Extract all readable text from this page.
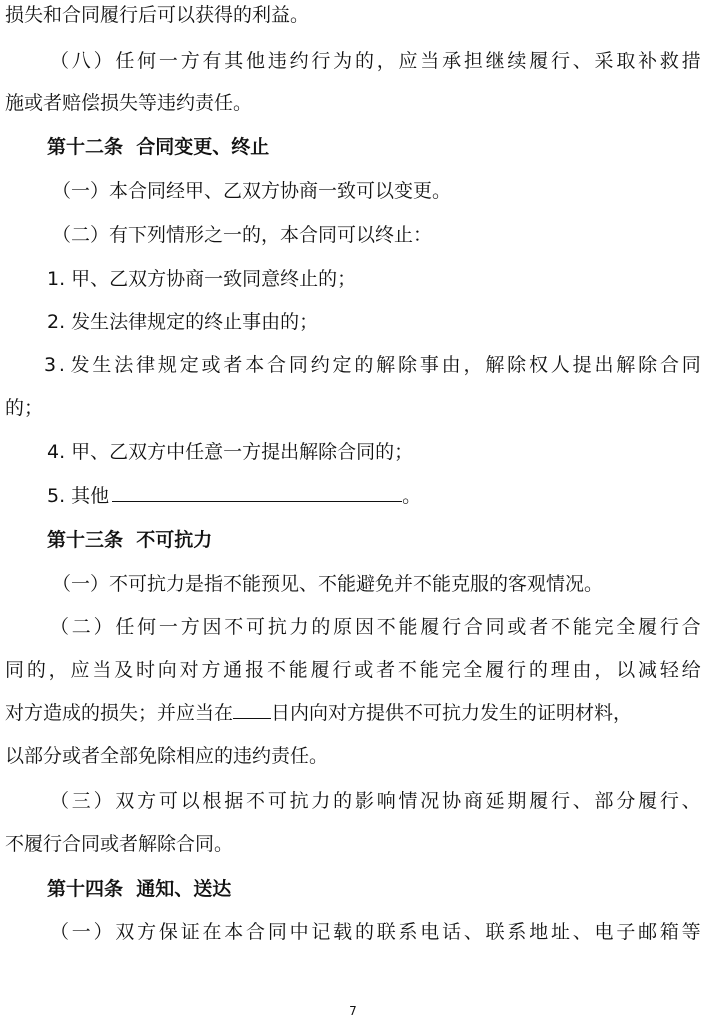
损失和合同履行后可以获得的利益。
（ 八 ） 任 何 一 方 有 其 他 违 约 行 为 的 ， 应 当 承 担 继 续 履 行 、 采 取 补 救 措
施或者赔偿损失等违约责任。
第十二条  合同变更、终止
（一）本合同经甲、乙双方协商一致可以变更。
（二）有下列情形之一的，本合同可以终止：
1. 甲、乙双方协商一致同意终止的；
2. 发生法律规定的终止事由的；
3 . 发 生 法 律 规 定 或 者 本 合 同 约 定 的 解 除 事 由 ， 解 除 权 人 提 出 解 除 合 同
的；
4. 甲、乙双方中任意一方提出解除合同的；
5. 其他	。
第十三条  不可抗力
（一）不可抗力是指不能预见、不能避免并不能克服的客观情况。
（ 二 ） 任 何 一 方 因 不 可 抗 力 的 原 因 不 能 履 行 合 同 或 者 不 能 完 全 履 行 合
同 的 ， 应 当 及 时 向 对 方 通 报 不 能 履 行 或 者 不 能 完 全 履 行 的 理 由 ， 以 减 轻 给
对方造成的损失；并应当在 日内向对方提供不可抗力发生的证明材料，
以部分或者全部免除相应的违约责任。
（ 三 ） 双 方 可 以 根 据 不 可 抗 力 的 影 响 情 况 协 商 延 期 履 行 、 部 分 履 行 、
不履行合同或者解除合同。
第十四条  通知、送达
（ 一 ） 双 方 保 证 在 本 合 同 中 记 载 的 联 系 电 话 、 联 系 地 址 、 电 子 邮 箱 等
7
